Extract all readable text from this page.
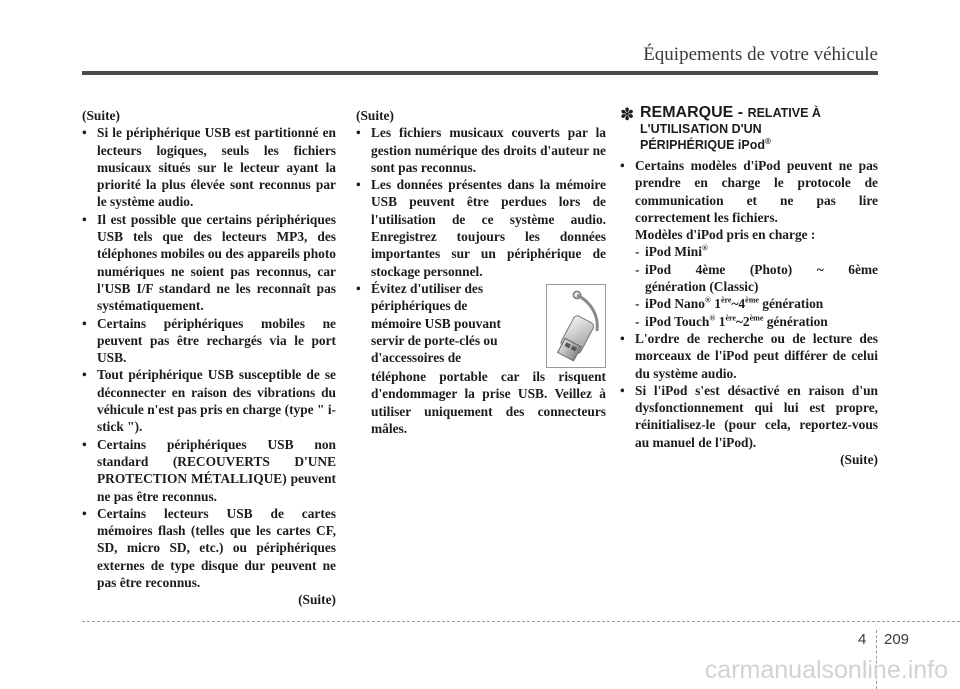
Équipements de votre véhicule

(Suite)

• Si le périphérique USB est partitionné en lecteurs logiques, seuls les fichiers musicaux situés sur le lecteur ayant la priorité la plus élevée sont reconnus par le système audio.
• Il est possible que certains périphériques USB tels que des lecteurs MP3, des téléphones mobiles ou des appareils photo numériques ne soient pas reconnus, car l'USB I/F standard ne les reconnaît pas systématiquement.
• Certains périphériques mobiles ne peuvent pas être rechargés via le port USB.
• Tout périphérique USB susceptible de se déconnecter en raison des vibrations du véhicule n'est pas pris en charge (type " i-stick ").
• Certains périphériques USB non standard (RECOUVERTS D'UNE PROTECTION MÉTALLIQUE) peuvent ne pas être reconnus.
• Certains lecteurs USB de cartes mémoires flash (telles que les cartes CF, SD, micro SD, etc.) ou périphériques externes de type disque dur peuvent ne pas être reconnus.

(Suite)

(Suite)

• Les fichiers musicaux couverts par la gestion numérique des droits d'auteur ne sont pas reconnus.
• Les données présentes dans la mémoire USB peuvent être perdues lors de l'utilisation de ce système audio. Enregistrez toujours les données importantes sur un périphérique de stockage personnel.
• Évitez d'utiliser des
périphériques de
mémoire USB pouvant
servir de porte-clés ou
d'accessoires de
téléphone portable car ils risquent d'endommager la prise USB. Veillez à utiliser uniquement des connecteurs mâles.
✽ REMARQUE - RELATIVE À
L'UTILISATION D'UN
PÉRIPHÉRIQUE iPod®
• Certains modèles d'iPod peuvent ne pas prendre en charge le protocole de communication et ne pas lire correctement les fichiers.

Modèles d'iPod pris en charge :

- iPod Mini®
- iPod 4ème (Photo) ~ 6ème

génération (Classic)

- iPod Nano® 1ère~4ème génération
- iPod Touch® 1ère~2ème génération
• L'ordre de recherche ou de lecture des morceaux de l'iPod peut différer de celui du système audio.
• Si l'iPod s'est désactivé en raison d'un dysfonctionnement qui lui est propre, réinitialisez-le (pour cela, reportez-vous au manuel de l'iPod).

(Suite)

4 209
carmanualsonline.info
